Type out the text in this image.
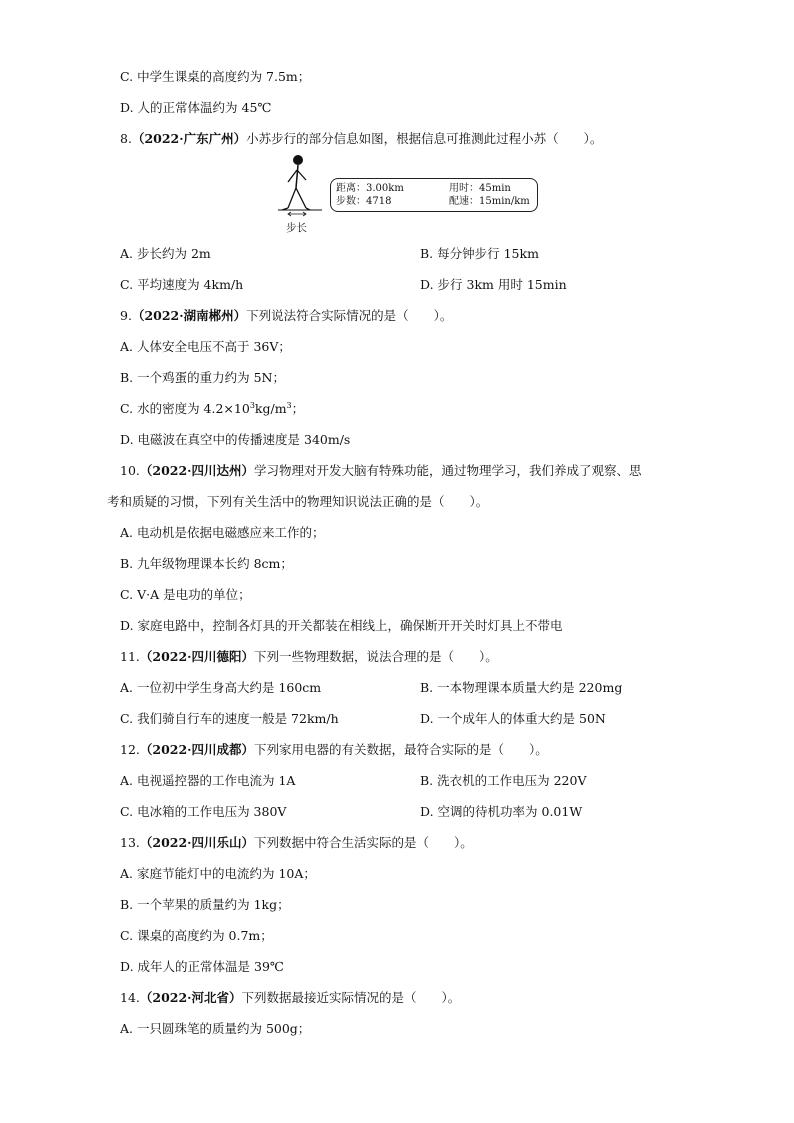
C. 中学生课桌的高度约为 7.5m；
D. 人的正常体温约为 45℃
8.（2022·广东广州）小苏步行的部分信息如图，根据信息可推测此过程小苏（　　）。
步长
距离：3.00km	用时：45min
步数：4718	配速：15min/km
A. 步长约为 2m	B. 每分钟步行 15km
C. 平均速度为 4km/h	D. 步行 3km 用时 15min
9.（2022·湖南郴州）下列说法符合实际情况的是（　　）。
A. 人体安全电压不高于 36V；
B. 一个鸡蛋的重力约为 5N；
C. 水的密度为 $4.2\times 10^3kg/m^3$；
D. 电磁波在真空中的传播速度是 340m/s
10.（2022·四川达州）学习物理对开发大脑有特殊功能，通过物理学习，我们养成了观察、思
考和质疑的习惯，下列有关生活中的物理知识说法正确的是（　　）。
A. 电动机是依据电磁感应来工作的；
B. 九年级物理课本长约 8cm；
C. V·A 是电功的单位；
D. 家庭电路中，控制各灯具的开关都装在相线上，确保断开开关时灯具上不带电
11.（2022·四川德阳）下列一些物理数据，说法合理的是（　　）。
A. 一位初中学生身高大约是 160cm	B. 一本物理课本质量大约是 220mg
C. 我们骑自行车的速度一般是 72km/h	D. 一个成年人的体重大约是 50N
12.（2022·四川成都）下列家用电器的有关数据，最符合实际的是（　　）。
A. 电视遥控器的工作电流为 1A	B. 洗衣机的工作电压为 220V
C. 电冰箱的工作电压为 380V	D. 空调的待机功率为 0.01W
13.（2022·四川乐山）下列数据中符合生活实际的是（　　）。
A. 家庭节能灯中的电流约为 10A；
B. 一个苹果的质量约为 1kg；
C. 课桌的高度约为 0.7m；
D. 成年人的正常体温是 39℃
14.（2022·河北省）下列数据最接近实际情况的是（　　）。
A. 一只圆珠笔的质量约为 500g；
